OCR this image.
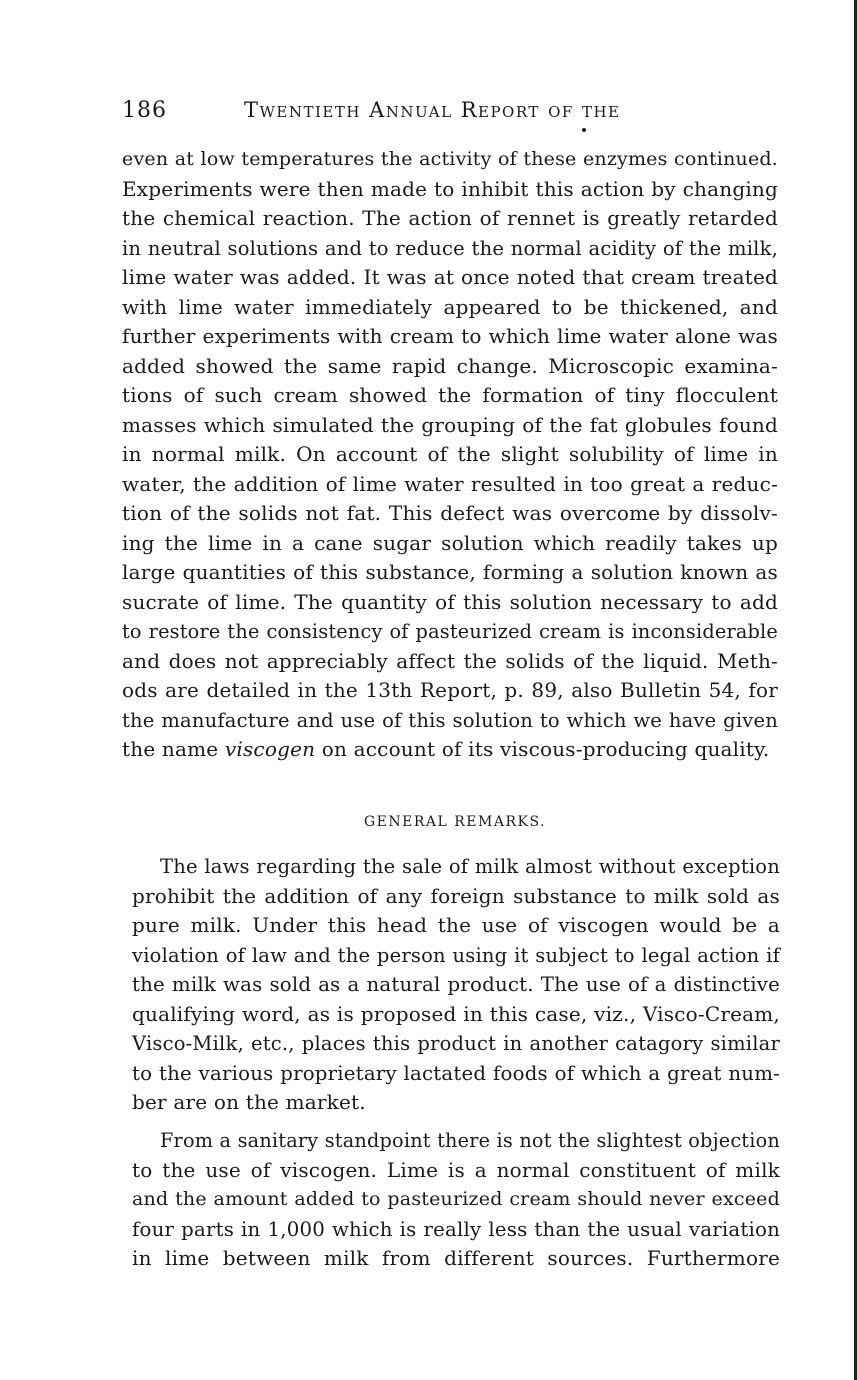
186	Twentieth Annual Report of the
even at low temperatures the activity of these enzymes continued.
Experiments were then made to inhibit this action by changing
the chemical reaction. The action of rennet is greatly retarded
in neutral solutions and to reduce the normal acidity of the milk,
lime water was added. It was at once noted that cream treated
with lime water immediately appeared to be thickened, and
further experiments with cream to which lime water alone was
added showed the same rapid change. Microscopic examina-
tions of such cream showed the formation of tiny flocculent
masses which simulated the grouping of the fat globules found
in normal milk. On account of the slight solubility of lime in
water, the addition of lime water resulted in too great a reduc-
tion of the solids not fat. This defect was overcome by dissolv-
ing the lime in a cane sugar solution which readily takes up
large quantities of this substance, forming a solution known as
sucrate of lime. The quantity of this solution necessary to add
to restore the consistency of pasteurized cream is inconsiderable
and does not appreciably affect the solids of the liquid. Meth-
ods are detailed in the 13th Report, p. 89, also Bulletin 54, for
the manufacture and use of this solution to which we have given
the name viscogen on account of its viscous-producing quality.
GENERAL REMARKS.
The laws regarding the sale of milk almost without exception
prohibit the addition of any foreign substance to milk sold as
pure milk. Under this head the use of viscogen would be a
violation of law and the person using it subject to legal action if
the milk was sold as a natural product. The use of a distinctive
qualifying word, as is proposed in this case, viz., Visco-Cream,
Visco-Milk, etc., places this product in another catagory similar
to the various proprietary lactated foods of which a great num-
ber are on the market.
From a sanitary standpoint there is not the slightest objection
to the use of viscogen. Lime is a normal constituent of milk
and the amount added to pasteurized cream should never exceed
four parts in 1,000 which is really less than the usual variation
in lime between milk from different sources. Furthermore
